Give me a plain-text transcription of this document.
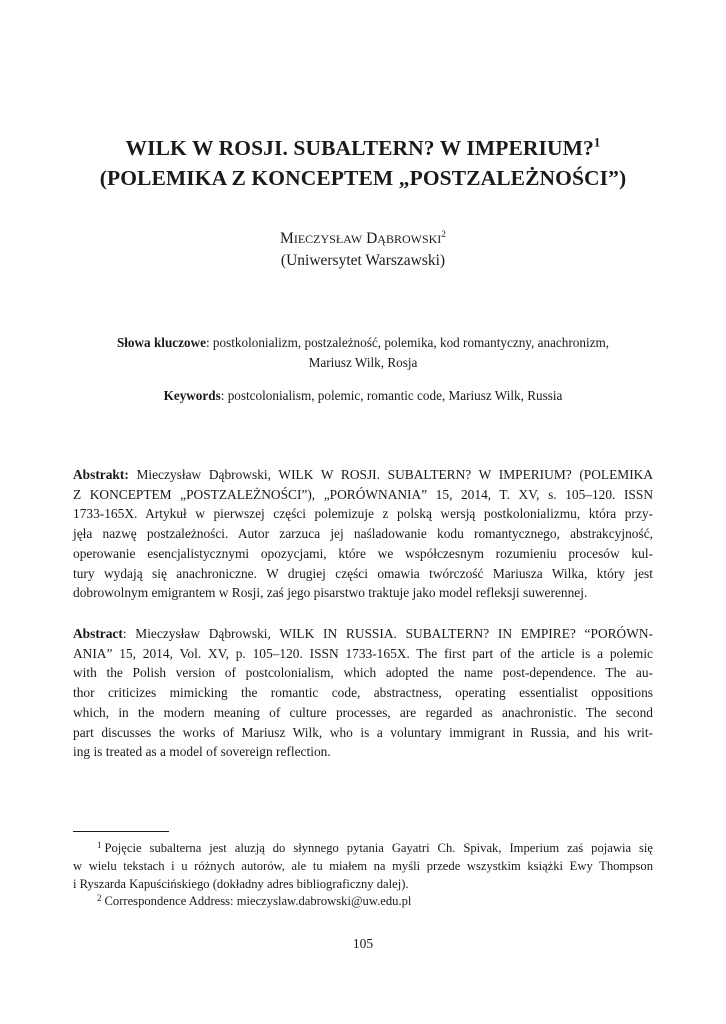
WILK W ROSJI. SUBALTERN? W IMPERIUM?$^1$
(POLEMIKA Z KONCEPTEM „POSTZALEŻNOŚCI”)
MIECZYSŁAW DĄBROWSKI$^2$
(Uniwersytet Warszawski)
Słowa kluczowe: postkolonializm, postzależność, polemika, kod romantyczny, anachronizm,
Mariusz Wilk, Rosja
Keywords: postcolonialism, polemic, romantic code, Mariusz Wilk, Russia
Abstrakt: Mieczysław Dąbrowski, WILK W ROSJI. SUBALTERN? W IMPERIUM? (POLEMIKA
Z KONCEPTEM „POSTZALEŻNOŚCI”), „PORÓWNANIA” 15, 2014, T. XV, s. 105–120. ISSN
1733-165X. Artykuł w pierwszej części polemizuje z polską wersją postkolonializmu, która przy-
jęła nazwę postzależności. Autor zarzuca jej naśladowanie kodu romantycznego, abstrakcyjność,
operowanie esencjalistycznymi opozycjami, które we współczesnym rozumieniu procesów kul-
tury wydają się anachroniczne. W drugiej części omawia twórczość Mariusza Wilka, który jest
dobrowolnym emigrantem w Rosji, zaś jego pisarstwo traktuje jako model refleksji suwerennej.
Abstract: Mieczysław Dąbrowski, WILK IN RUSSIA. SUBALTERN? IN EMPIRE? “PORÓWN-
ANIA” 15, 2014, Vol. XV, p. 105–120. ISSN 1733-165X. The first part of the article is a polemic
with the Polish version of postcolonialism, which adopted the name post-dependence. The au-
thor criticizes mimicking the romantic code, abstractness, operating essentialist oppositions
which, in the modern meaning of culture processes, are regarded as anachronistic. The second
part discusses the works of Mariusz Wilk, who is a voluntary immigrant in Russia, and his writ-
ing is treated as a model of sovereign reflection.
$^1$ Pojęcie subalterna jest aluzją do słynnego pytania Gayatri Ch. Spivak, Imperium zaś pojawia się
w wielu tekstach i u różnych autorów, ale tu miałem na myśli przede wszystkim książki Ewy Thompson
i Ryszarda Kapuścińskiego (dokładny adres bibliograficzny dalej).
$^2$ Correspondence Address: mieczyslaw.dabrowski@uw.edu.pl
105
